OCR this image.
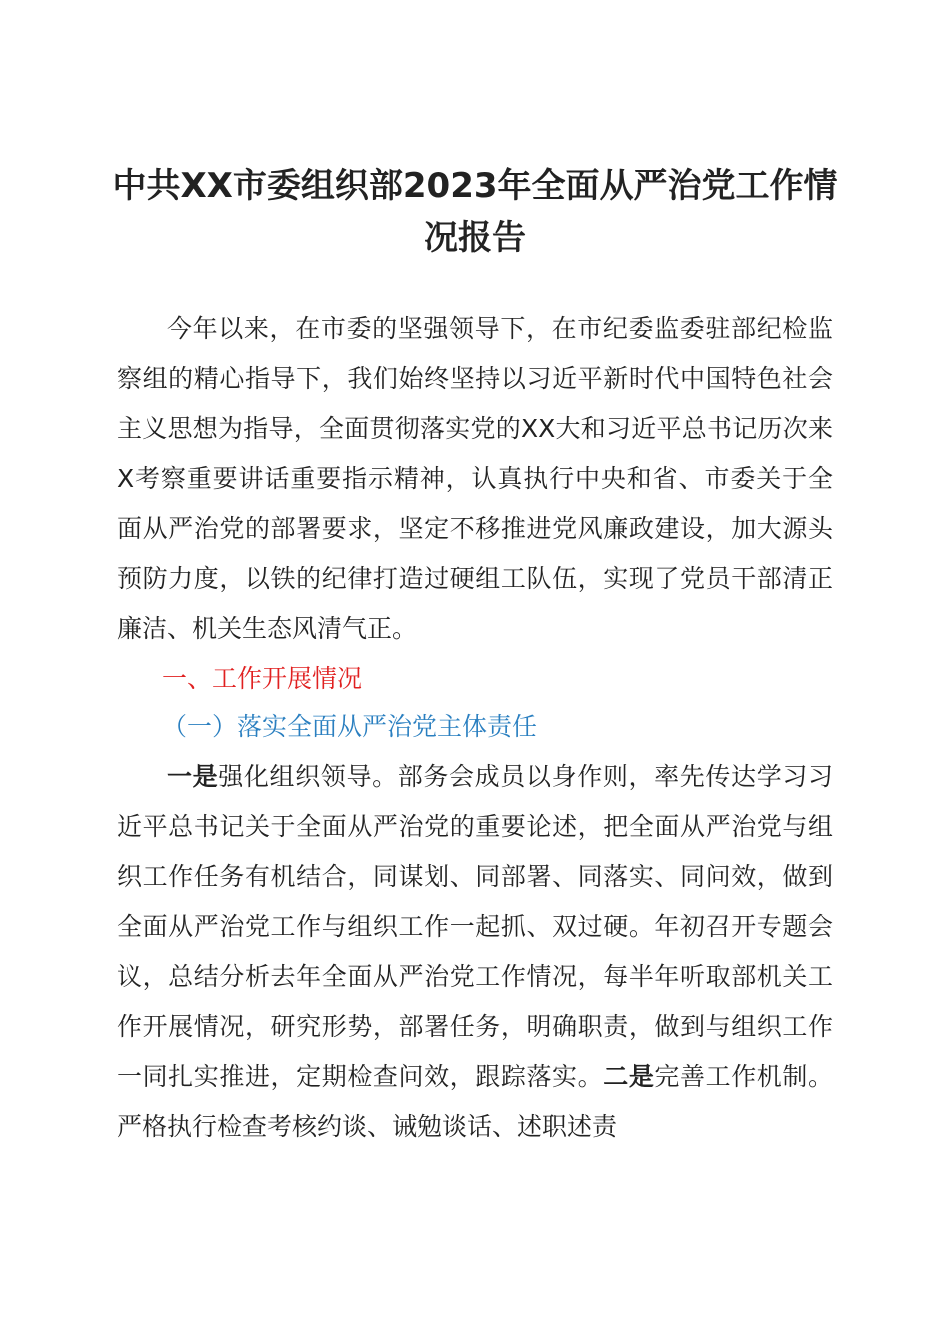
中共XX市委组织部2023年全面从严治党工作情况报告

今年以来，在市委的坚强领导下，在市纪委监委驻部纪检监察组的精心指导下，我们始终坚持以习近平新时代中国特色社会主义思想为指导，全面贯彻落实党的XX大和习近平总书记历次来X考察重要讲话重要指示精神，认真执行中央和省、市委关于全面从严治党的部署要求，坚定不移推进党风廉政建设，加大源头预防力度，以铁的纪律打造过硬组工队伍，实现了党员干部清正廉洁、机关生态风清气正。

一、工作开展情况

（一）落实全面从严治党主体责任

一是强化组织领导。部务会成员以身作则，率先传达学习习近平总书记关于全面从严治党的重要论述，把全面从严治党与组织工作任务有机结合，同谋划、同部署、同落实、同问效，做到全面从严治党工作与组织工作一起抓、双过硬。年初召开专题会议，总结分析去年全面从严治党工作情况，每半年听取部机关工作开展情况，研究形势，部署任务，明确职责，做到与组织工作一同扎实推进，定期检查问效，跟踪落实。二是完善工作机制。严格执行检查考核约谈、诫勉谈话、述职述责
